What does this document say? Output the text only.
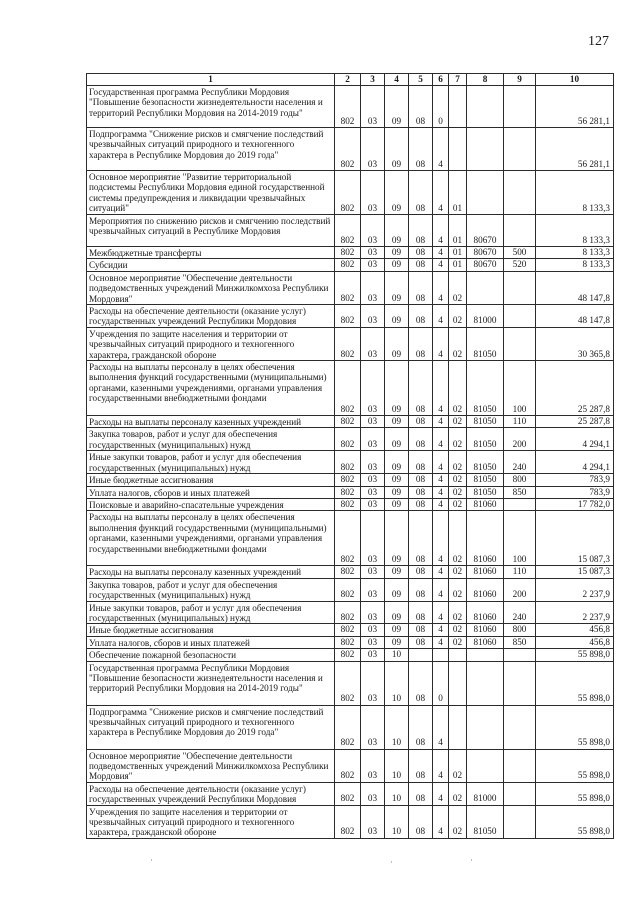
127
1	2	3	4	5	6	7	8	9	10
Государственная программа Республики Мордовия "Повышение безопасности жизнедеятельности населения и территорий Республики Мордовия на 2014-2019 годы"	802	03	09	08	0				56 281,1
Подпрограмма "Снижение рисков и смягчение последствий чрезвычайных ситуаций природного и техногенного характера в Республике Мордовия до 2019 года"	802	03	09	08	4				56 281,1
Основное мероприятие "Развитие территориальной подсистемы Республики Мордовия единой государственной системы предупреждения и ликвидации чрезвычайных ситуаций"	802	03	09	08	4	01			8 133,3
Мероприятия по снижению рисков и смягчению последствий чрезвычайных ситуаций в Республике Мордовия	802	03	09	08	4	01	80670		8 133,3
Межбюджетные трансферты	802	03	09	08	4	01	80670	500	8 133,3
Субсидии	802	03	09	08	4	01	80670	520	8 133,3
Основное мероприятие "Обеспечение деятельности подведомственных учреждений Минжилкомхоза Республики Мордовия"	802	03	09	08	4	02			48 147,8
Расходы на обеспечение деятельности (оказание услуг) государственных учреждений Республики Мордовия	802	03	09	08	4	02	81000		48 147,8
Учреждения по защите населения и территории от чрезвычайных ситуаций природного и техногенного характера, гражданской обороне	802	03	09	08	4	02	81050		30 365,8
Расходы на выплаты персоналу в целях обеспечения выполнения функций государственными (муниципальными) органами, казенными учреждениями, органами управления государственными внебюджетными фондами	802	03	09	08	4	02	81050	100	25 287,8
Расходы на выплаты персоналу казенных учреждений	802	03	09	08	4	02	81050	110	25 287,8
Закупка товаров, работ и услуг для обеспечения государственных (муниципальных) нужд	802	03	09	08	4	02	81050	200	4 294,1
Иные закупки товаров, работ и услуг для обеспечения государственных (муниципальных) нужд	802	03	09	08	4	02	81050	240	4 294,1
Иные бюджетные ассигнования	802	03	09	08	4	02	81050	800	783,9
Уплата налогов, сборов и иных платежей	802	03	09	08	4	02	81050	850	783,9
Поисковые и аварийно-спасательные учреждения	802	03	09	08	4	02	81060		17 782,0
Расходы на выплаты персоналу в целях обеспечения выполнения функций государственными (муниципальными) органами, казенными учреждениями, органами управления государственными внебюджетными фондами	802	03	09	08	4	02	81060	100	15 087,3
Расходы на выплаты персоналу казенных учреждений	802	03	09	08	4	02	81060	110	15 087,3
Закупка товаров, работ и услуг для обеспечения государственных (муниципальных) нужд	802	03	09	08	4	02	81060	200	2 237,9
Иные закупки товаров, работ и услуг для обеспечения государственных (муниципальных) нужд	802	03	09	08	4	02	81060	240	2 237,9
Иные бюджетные ассигнования	802	03	09	08	4	02	81060	800	456,8
Уплата налогов, сборов и иных платежей	802	03	09	08	4	02	81060	850	456,8
Обеспечение пожарной безопасности	802	03	10						55 898,0
Государственная программа Республики Мордовия "Повышение безопасности жизнедеятельности населения и территорий Республики Мордовия на 2014-2019 годы"	802	03	10	08	0				55 898,0
Подпрограмма "Снижение рисков и смягчение последствий чрезвычайных ситуаций природного и техногенного характера в Республике Мордовия до 2019 года"	802	03	10	08	4				55 898,0
Основное мероприятие "Обеспечение деятельности подведомственных учреждений Минжилкомхоза Республики Мордовия"	802	03	10	08	4	02			55 898,0
Расходы на обеспечение деятельности (оказание услуг) государственных учреждений Республики Мордовия	802	03	10	08	4	02	81000		55 898,0
Учреждения по защите населения и территории от чрезвычайных ситуаций природного и техногенного характера, гражданской обороне	802	03	10	08	4	02	81050		55 898,0
·	·	·
